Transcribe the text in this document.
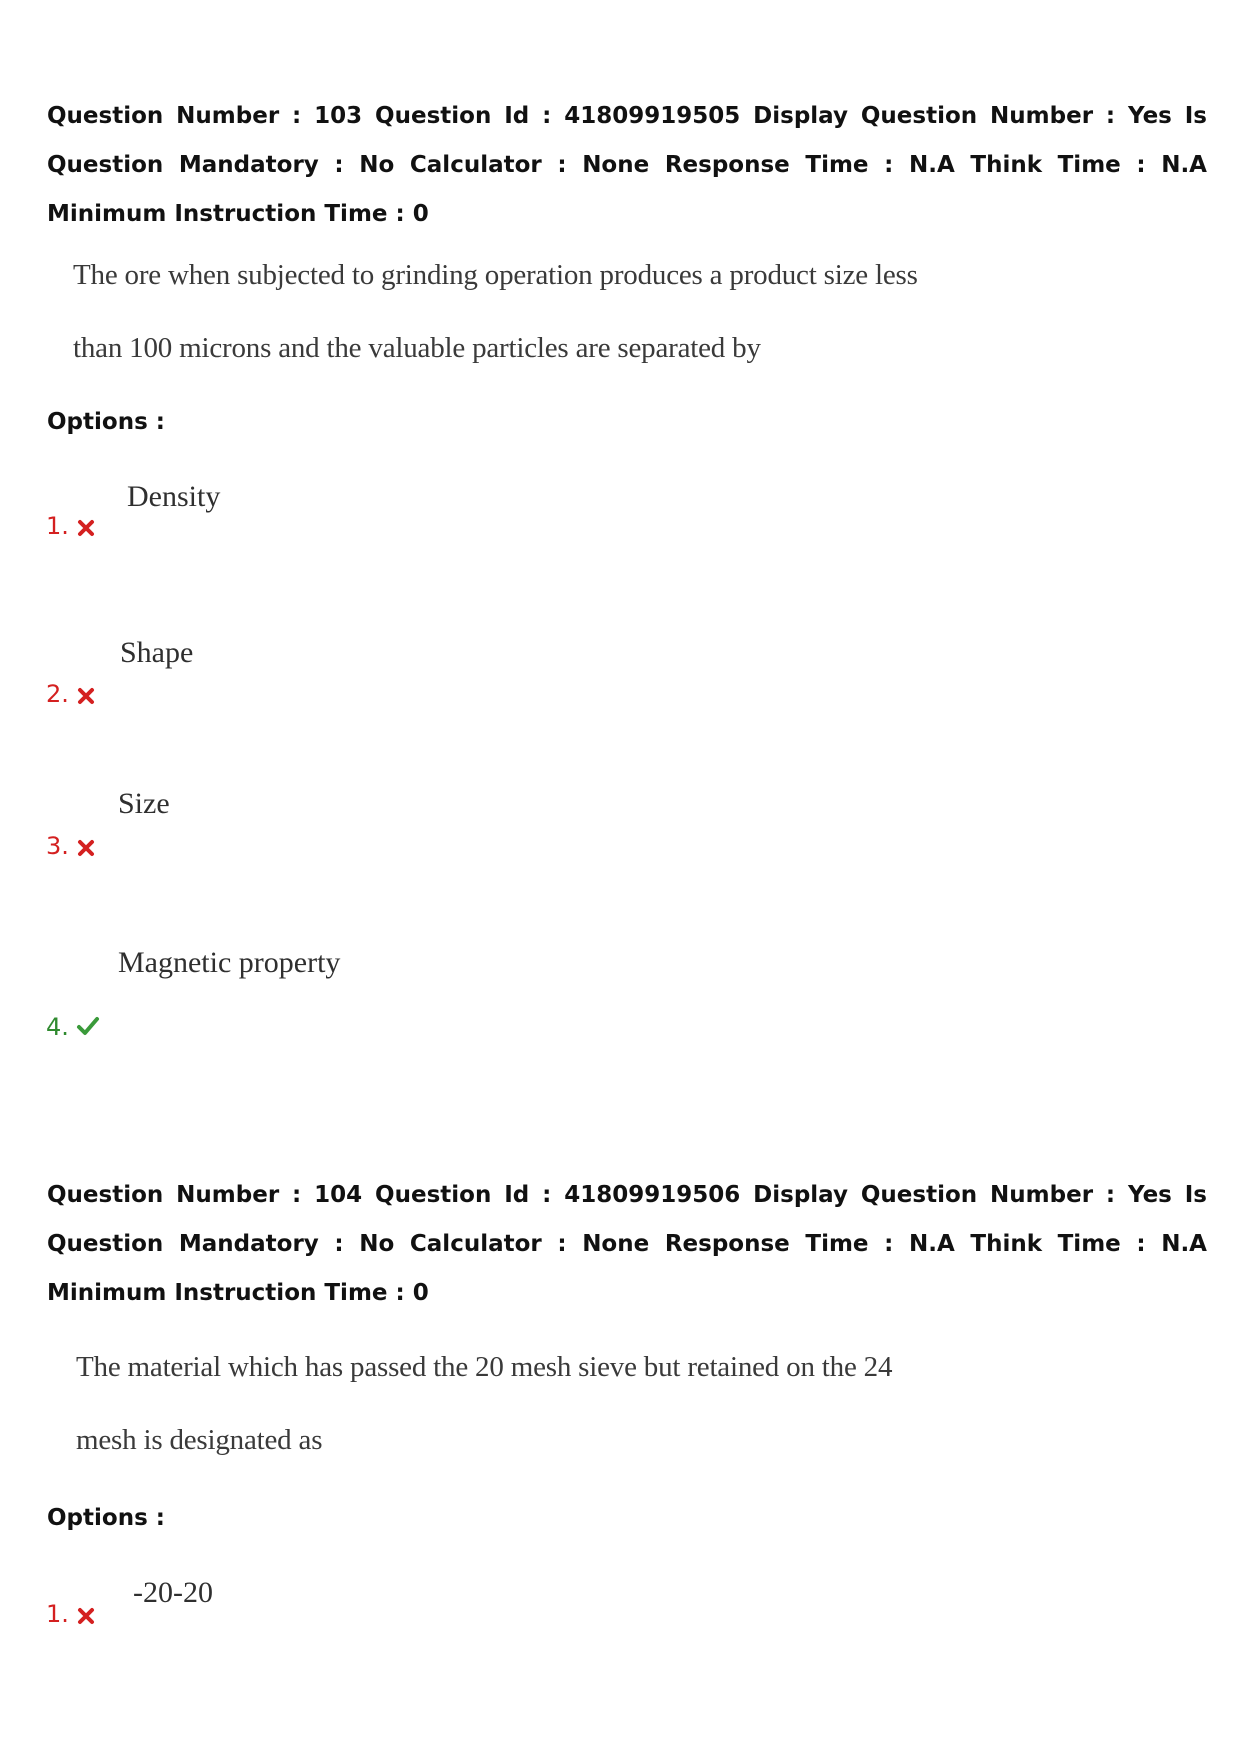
Question Number : 103 Question Id : 41809919505 Display Question Number : Yes Is Question Mandatory : No Calculator : None Response Time : N.A Think Time : N.A Minimum Instruction Time : 0
The ore when subjected to grinding operation produces a product size less
than 100 microns and the valuable particles are separated by
Options :
Density
1.
Shape
2.
Size
3.
Magnetic property
4.
Question Number : 104 Question Id : 41809919506 Display Question Number : Yes Is Question Mandatory : No Calculator : None Response Time : N.A Think Time : N.A Minimum Instruction Time : 0
The material which has passed the 20 mesh sieve but retained on the 24
mesh is designated as
Options :
-20-20
1.
